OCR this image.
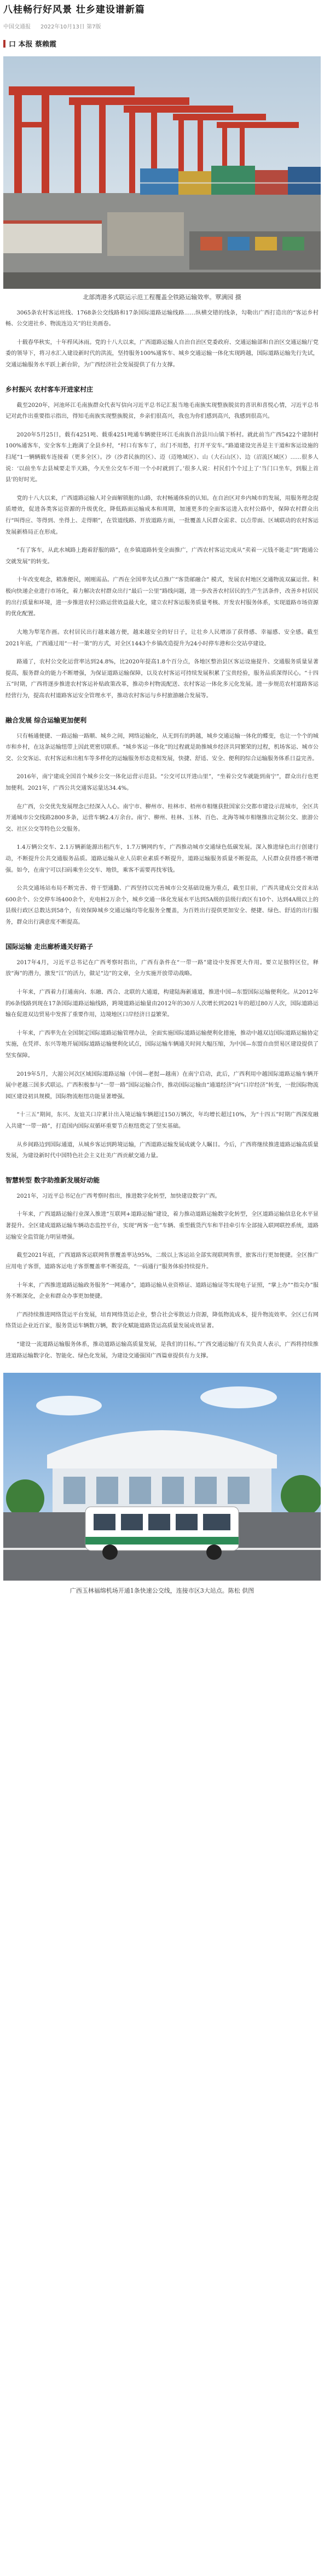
八桂畅行好风景 壮乡建设谱新篇
中国交通报 2022年10月13日 第7版
口 本报 蔡赖霞
北部湾港多式联运示范工程覆盖全铁路运输效率。覃满园 摄

3065条农村客运班线、1768条公交线路和17条国际道路运输线路……纵横交错的线条，勾勒出广西打造出的“客运乡村畅、公交进社乡、物流连边关”的壮美画卷。

十载春华秋实，十年栉风沐雨。党的十八大以来，广西道路运输人自治自治区党委政府、交通运输部和自治区交通运输厅党委的领导下，将习水汇入建设新时代的洪流，坚持服务100%通客车、城乡交通运输一体化实现跨越，国际道路运输先行先试，交通运输服务水平跃上新台阶，为广西经济社会发展提供了有力支撑。

乡村振兴 农村客车开进家村庄

截至2020年，河池环江毛南族群众代表写信向习近平总书记汇报当地毛南族实现整族脱贫的喜讯和喜悦心情，习近平总书记对此作出重要指示指出，得知毛南族实现整族脱贫，乡亲们很高兴，我也为你们感到高兴，我感到很高兴。

2020年5月25日，载有4251吨、载重4251吨通车辆驶往环江毛南族自治县川山镇下桥村。就此前当广西5422个建制村100%通客车，安全客车上跑满了全县乡村，“村口有客车了，出门不用愁，打开平安车。”路道建设完善是主干道和客运设施的扫尾“1一辆辆载车连接着（更多全区）。沙（沙者民族的区）、迈（迈地域区）、山（大石山区）、边（沼流区域区）……很多人说：‘以前坐车去县城要走半天路，今天坐公交车不用一个小时就到了。’很多人说：村民们个个过上了‘当门口坐车，到服上首县’的好时光。

党的十八大以来，广西道路运输人对全面解锁脏的山路，农村畅通体验的认知。在自治区对乡内城市的发展，用服务理念提质增效，促进各类客运资源的升级优化，降低路面运输成本和周期，加速更多的全面客运进入农村公路中，保障农村群众出行“叫得应、等得到、坐得上、走得顺”，在管道线路、开放道路方面，一批覆盖人民群众需求、以点带面、区域联动的农村客运发展新格局正在形成。

“有了客车，从此水城路上跑着舒服的路”，在乡镇道路转变全面推广，广西农村客运完成从“卖着一元钱不能走”到“跑通公交就发展”的转变。

十年改变观念，精准便民，刚刚需品。广西在全国率先试点推广“客货邮融合” 模式，发展农村地区交通物流双赢运营。积极向快递企业进行市场化，着力解决农村群众出行“最后一公里”路线问题，进一步改善农村居民的生产生活条件，改善乡村居民的出行质量和环境，进一步推进农村公路运营效益最大化，建立农村客运服务质量考核、开发农村服务体系，实现道路市场资源的优化配置。

大地为犁笔作画。农村居民出行越来越方便，越来越安全的好日子，让壮乡人民增添了获得感、幸福感、安全感。截至2021年底，广西通过用“一村一策”的方式，对全区1443个乡镇改造提升为24小时停车港和公交站亭建设。

路通了，农村公交化运营率达到24.8%，比2020年提高1.8个百分点，各地区整治县区客运设施提升、交通服务质量显著提高，服务群众的能力不断增强，为保证道路运输保障，以及农村客运可持续发展积累了宝贵经验，服务品质深得民心。“十四五”时期，广西将逐步推进农村客运补贴政策改革，推动乡村物流配送、农村客运一体化多元化发展。进一步规范农村道路客运经营行为，提高农村道路客运安全管理水平，推动农村客运与乡村旅游融合发展等。

融合发展 综合运输更加便利

只有畅通便捷、一路运输一路顺、城乡之间，网络运输化，从无到有的跨越，城乡交通运输一体化的蝶变，也让一个个的城市和乡村，在这条运输纽带上因此更密切联系。“城乡客运一体化”的过程就是助推城乡经济共同繁荣的过程，机场客运、城市公交、公交客运、农村客运和出租车等多样化的运输服务形态竞相发展，快捷、舒适、安全、便利的综合运输服务体系日益完善。

2016年，南宁建成全国首个城乡公交一体化运营示范县。“公交可以开进山里”，“坐着公交车就能到南宁”，群众出行也更加便利。2021年，广西公共交通客运量达34.4%。

在广西，公交优先发展理念已经深入人心。南宁市、柳州市、桂林市、梧州市相继获批国家公交都市建设示范城市，全区共开通城市公交线路2800多条，运营车辆2.4万余台。南宁、柳州、桂林、玉林、百色、北海等城市相继推出定制公交、旅游公交、社区公交等特色公交服务。

1.4万辆公交车、2.1万辆新能源出租汽车，1.7万辆网约车，广西推动城市交通绿色低碳发展。深入推进绿色出行创建行动，不断提升公共交通服务品质。道路运输从业人员职业素质不断提升，道路运输服务质量不断提高，人民群众获得感不断增强。如今，在南宁可以扫码乘坐公交车、地铁，乘客不需要再找零钱。

公共交通场站布局不断完善、骨干型通勤、广西坚持以完善城市公交基础设施为重点，截至目前，广西共建成公交首末站600余个、公交停车场400余个，充电桩2万余个，城乡交通一体化发展水平达到5A级的县级行政区有10个、达到4A级以上的县级行政区总数达到58个，有效保障城乡交通运输均等化服务全覆盖，为百姓出行提供更加安全、便捷、绿色、舒适的出行服务，群众出行满意度不断提高。

国际运输 走出廊桥通关好路子

2017年4月，习近平总书记在广西考察时指出，广西有条件在“一带一路”建设中发挥更大作用。要立足独特区位，释放“海”的潜力，激发“江”的活力，做足“边”的文章，全力实施开放带动战略。

十年来，广西着力打通南向、东融、西合、北联的大通道，构建陆海新通道，推进中国—东盟国际运输便利化。从2012年的6条线路到现在17条国际道路运输线路，跨境道路运输量由2012年的30万人次增长到2021年的超过80万人次，国际道路运输在促进双边贸易中发挥了重要作用，边境地区口岸经济日益繁荣。

十年来，广西率先在全国制定国际道路运输管理办法，全面实施国际道路运输便利化措施，推动中越双边国际道路运输协定实施，在凭祥、东兴等地开展国际道路运输便利化试点，国际运输车辆通关时间大幅压缩，为中国—东盟自由贸易区建设提供了坚实保障。

2019年5月，大湄公河次区域国际道路运输（中国—老挝—越南）在南宁启动，此后，广西利用中越国际道路运输车辆开展中老越三国多式联运。广西积极参与“一带一路”国际运输合作，推动国际运输由“通道经济”向“口岸经济”转变，一批国际物流园区建设初具规模，国际物流枢纽功能显著增强。

“十三五”期间，东兴、友谊关口岸累计出入境运输车辆超过150万辆次，年均增长超过10%，为“十四五”时期广西深度融入共建“一带一路”，打造国内国际双循环重要节点枢纽奠定了坚实基础。

从乡间路边到国际通道，从城乡客运到跨境运输，广西道路运输发展成就令人瞩目。今后，广西将继续推进道路运输高质量发展，为建设新时代中国特色社会主义壮美广西贡献交通力量。

智慧转型 数字助推新发展好动能

2021年，习近平总书记在广西考察时指出，推进数字化转型，加快建设数字广西。

十年来，广西道路运输行业深入推进“互联网+道路运输”建设，着力推动道路运输数字化转型，全区道路运输信息化水平显著提升。全区建成道路运输车辆动态监控平台，实现“两客一危”车辆、重型载货汽车和半挂牵引车全部接入联网联控系统，道路运输安全监管能力明显增强。

截至2021年底，广西道路客运联网售票覆盖率达95%，二级以上客运站全部实现联网售票，旅客出行更加便捷。全区推广应用电子客票，道路客运电子客票覆盖率不断提高，“一码通行”服务体验持续提升。

十年来，广西推进道路运输政务服务“一网通办”，道路运输从业资格证、道路运输证等实现电子证照，“掌上办”“指尖办”服务不断深化，企业和群众办事更加便捷。

广西持续推进网络货运平台发展，培育网络货运企业，整合社会零散运力资源，降低物流成本，提升物流效率。全区已有网络货运企业近百家，服务货运车辆数万辆，数字化赋能道路货运高质量发展成效显著。

“建设一流道路运输服务体系，推动道路运输高质量发展，是我们的目标。”广西交通运输厅有关负责人表示，广西将持续推进道路运输数字化、智能化、绿色化发展，为建设交通强国广西篇章提供有力支撑。

广西玉林福绵机场开通1条快速公交线，连接市区3大站点。陈松 供图
